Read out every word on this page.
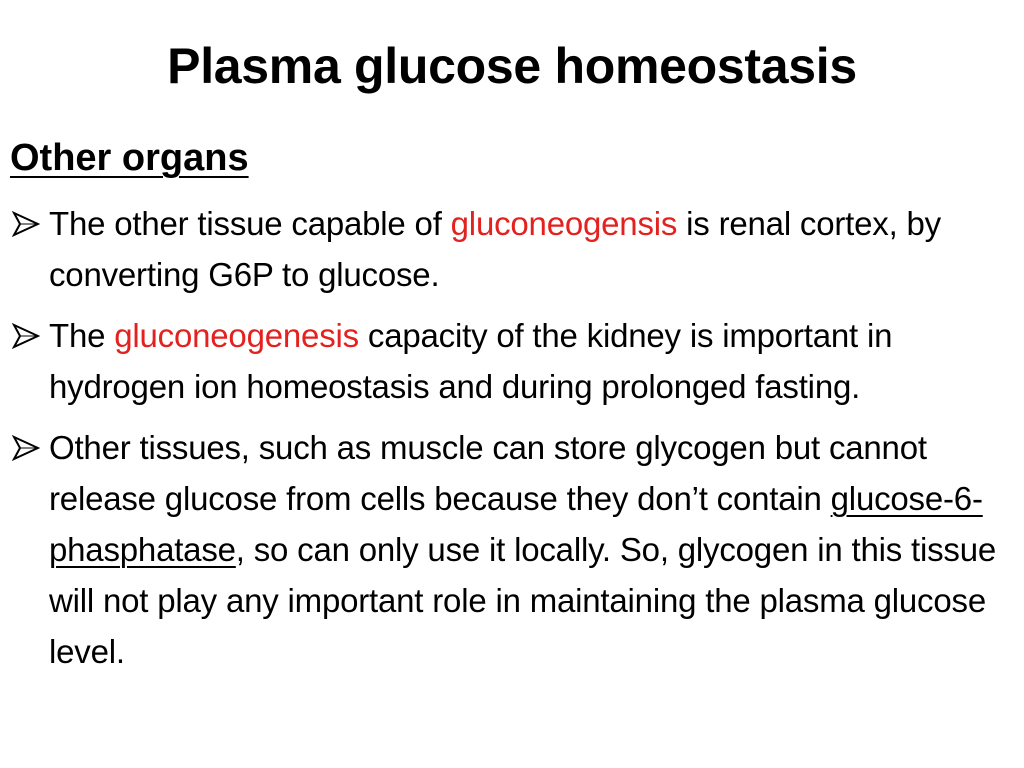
Plasma glucose homeostasis
Other organs
The other tissue capable of gluconeogensis is renal cortex, by converting G6P to glucose.
The gluconeogenesis capacity of the kidney is important in hydrogen ion homeostasis and during prolonged fasting.
Other tissues, such as muscle can store glycogen but cannot release glucose from cells because they don’t contain glucose-6-phasphatase, so can only use it locally. So, glycogen in this tissue will not play any important role in maintaining the plasma glucose level.
